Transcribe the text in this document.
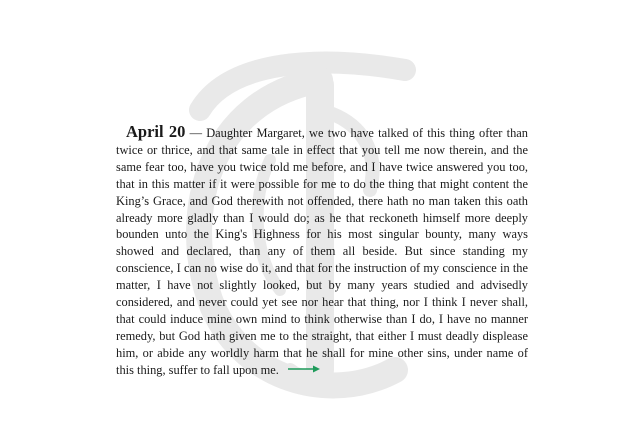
April 20 — Daughter Margaret, we two have talked of this thing ofter than twice or thrice, and that same tale in effect that you tell me now therein, and the same fear too, have you twice told me before, and I have twice answered you too, that in this matter if it were possible for me to do the thing that might content the King’s Grace, and God therewith not offended, there hath no man taken this oath already more gladly than I would do; as he that reckoneth himself more deeply bounden unto the King's Highness for his most singular bounty, many ways showed and declared, than any of them all beside. But since standing my conscience, I can no wise do it, and that for the instruction of my conscience in the matter, I have not slightly looked, but by many years studied and advisedly considered, and never could yet see nor hear that thing, nor I think I never shall, that could induce mine own mind to think otherwise than I do, I have no manner remedy, but God hath given me to the straight, that either I must deadly displease him, or abide any worldly harm that he shall for mine other sins, under name of this thing, suffer to fall upon me.
